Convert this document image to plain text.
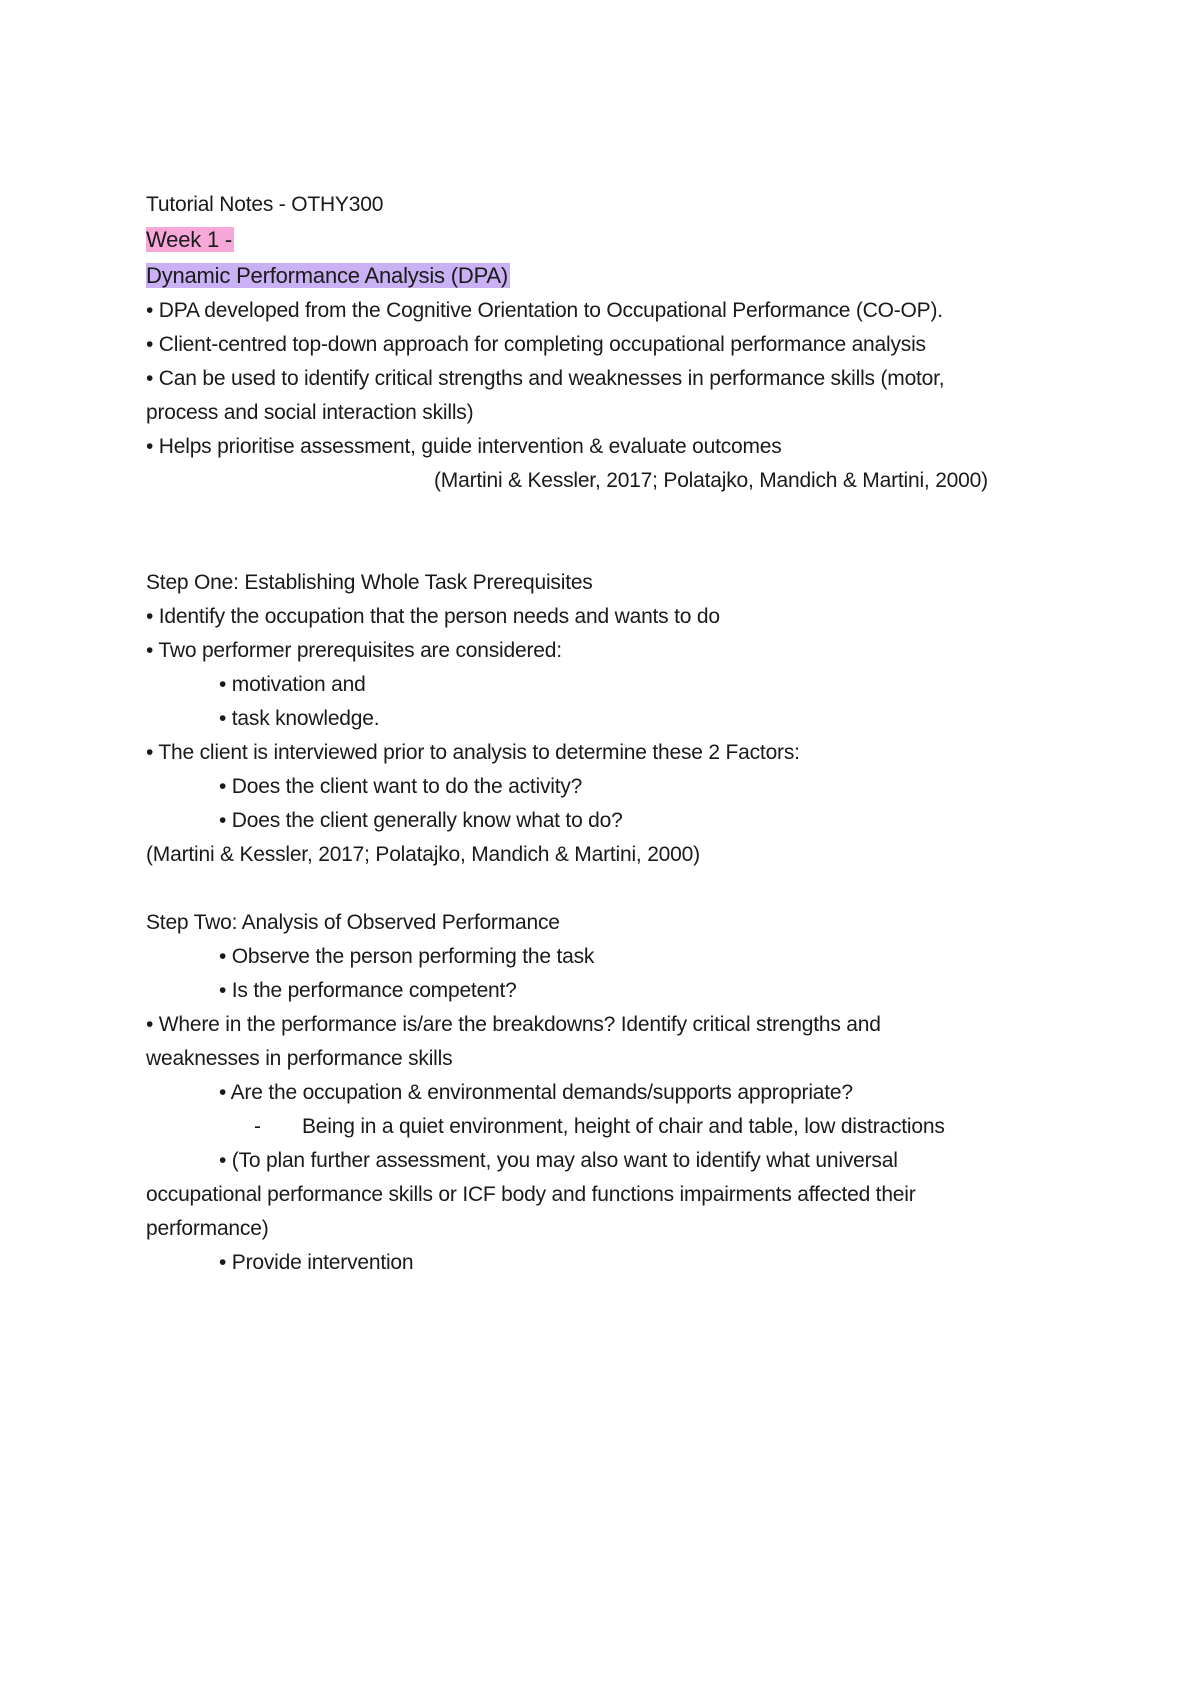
Tutorial Notes - OTHY300
Week 1 -
Dynamic Performance Analysis (DPA)
• DPA developed from the Cognitive Orientation to Occupational Performance (CO-OP).
• Client-centred top-down approach for completing occupational performance analysis
• Can be used to identify critical strengths and weaknesses in performance skills (motor,
process and social interaction skills)
• Helps prioritise assessment, guide intervention & evaluate outcomes
(Martini & Kessler, 2017; Polatajko, Mandich & Martini, 2000)
Step One: Establishing Whole Task Prerequisites
• Identify the occupation that the person needs and wants to do
• Two performer prerequisites are considered:
• motivation and
• task knowledge.
• The client is interviewed prior to analysis to determine these 2 Factors:
• Does the client want to do the activity?
• Does the client generally know what to do?
(Martini & Kessler, 2017; Polatajko, Mandich & Martini, 2000)
Step Two: Analysis of Observed Performance
• Observe the person performing the task
• Is the performance competent?
• Where in the performance is/are the breakdowns? Identify critical strengths and
weaknesses in performance skills
• Are the occupation & environmental demands/supports appropriate?
- Being in a quiet environment, height of chair and table, low distractions
• (To plan further assessment, you may also want to identify what universal
occupational performance skills or ICF body and functions impairments affected their
performance)
• Provide intervention
